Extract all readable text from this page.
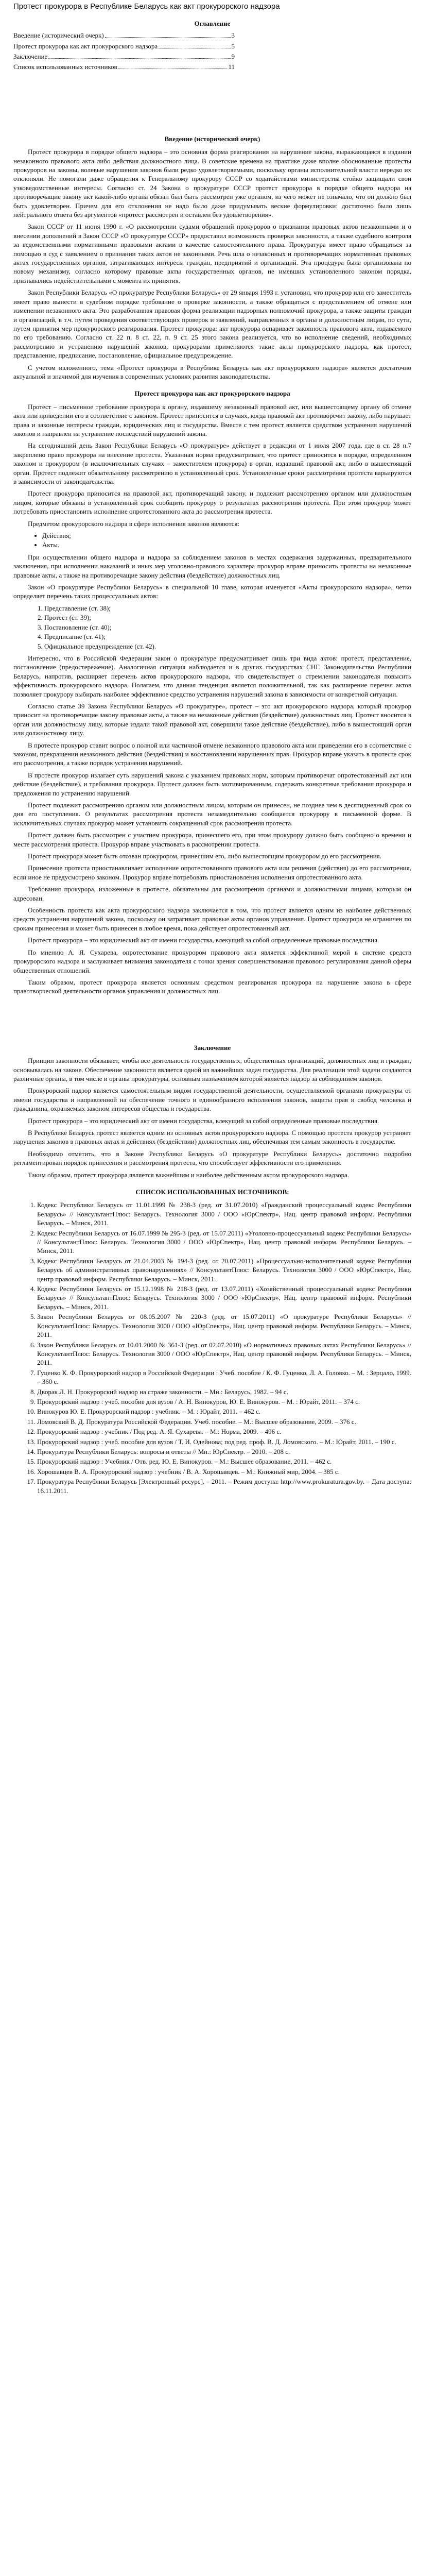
Протест прокурора в Республике Беларусь как акт прокурорского надзора
Оглавление
Введение (исторический очерк)	3
Протест прокурора как акт прокурорского надзора	5
Заключение	9
Список использованных источников	11
Введение (исторический очерк)

Протест прокурора в порядке общего надзора – это основная форма реагирования на нарушение закона, выражающаяся в издании незаконного правового акта либо действия должностного лица. В советские времена на практике даже вполне обоснованные протесты прокуроров на законы, волевые нарушения законов были редко удовлетворяемыми, поскольку органы исполнительной власти нередко их отклоняли. Не помогали даже обращения к Генеральному прокурору СССР со ходатайствами министерства стойко защищали свои узковедомственные интересы. Согласно ст. 24 Закона о прокуратуре СССР протест прокурора в порядке общего надзора на противоречащие закону акт какой-либо органа обязан был быть рассмотрен уже органом, из чего может не означало, что он должно был быть удовлетворен. Причем для его отклонения не надо было даже придумывать веские формулировки: достаточно было лишь нейтрального ответа без аргументов «протест рассмотрен и оставлен без удовлетворения».

Закон СССР от 11 июня 1990 г. «О рассмотрении судами обращений прокуроров о признании правовых актов незаконными и о внесении дополнений в Закон СССР «О прокуратуре СССР» предоставил возможность проверки законности, а также судебного контроля за ведомственными нормативными правовыми актами в качестве самостоятельного права. Прокуратура имеет право обращаться за помощью в суд с заявлением о признании таких актов не законными. Речь шла о незаконных и противоречащих нормативных правовых актах государственных органов, затрагивающих интересы граждан, предприятий и организаций. Эта процедура была организована по новому механизму, согласно которому правовые акты государственных органов, не имевших установленного законом порядка, признавались недействительными с момента их принятия.

Закон Республики Беларусь «О прокуратуре Республики Беларусь» от 29 января 1993 г. установил, что прокурор или его заместитель имеет право вынести в судебном порядке требование о проверке законности, а также обращаться с представлением об отмене или изменении незаконного акта. Это разработанная правовая форма реализации надзорных полномочий прокурора, а также защиты граждан и организаций, в т.ч. путем проведения соответствующих проверок и заявлений, направленных в органы и должностным лицам, по сути, путем принятия мер прокурорского реагирования. Протест прокурора: акт прокурора оспаривает законность правового акта, издаваемого по его требованию. Согласно ст. 22 п. 8 ст. 22, п. 9 ст. 25 этого закона реализуется, что во исполнение сведений, необходимых рассмотрению и устранению нарушений законов, прокурорами применяются такие акты прокурорского надзора, как протест, представление, предписание, постановление, официальное предупреждение.

С учетом изложенного, тема «Протест прокурора в Республике Беларусь как акт прокурорского надзора» является достаточно актуальной и значимой для изучения в современных условиях развития законодательства.

Протест прокурора как акт прокурорского надзора

Протест – письменное требование прокурора к органу, издавшему незаконный правовой акт, или вышестоящему органу об отмене акта или приведении его в соответствие с законом. Протест приносится в случаях, когда правовой акт противоречит закону, либо нарушает права и законные интересы граждан, юридических лиц и государства. Вместе с тем протест является средством устранения нарушений законов и направлен на устранение последствий нарушений закона.

На сегодняшний день Закон Республики Беларусь «О прокуратуре» действует в редакции от 1 июля 2007 года, где в ст. 28 п.7 закреплено право прокурора на внесение протеста. Указанная норма предусматривает, что протест приносится в порядке, определенном законом и прокурором (в исключительных случаях – заместителем прокурора) в орган, издавший правовой акт, либо в вышестоящий орган. Протест подлежит обязательному рассмотрению в установленный срок. Установленные сроки рассмотрения протеста варьируются в зависимости от законодательства.

Протест прокурора приносится на правовой акт, противоречащий закону, и подлежит рассмотрению органом или должностным лицом, которые обязаны в установленный срок сообщить прокурору о результатах рассмотрения протеста. При этом прокурор может потребовать приостановить исполнение опротестованного акта до рассмотрения протеста.

Предметом прокурорского надзора в сфере исполнения законов являются:

• Действия;
• Акты.

При осуществлении общего надзора и надзора за соблюдением законов в местах содержания задержанных, предварительного заключения, при исполнении наказаний и иных мер уголовно-правового характера прокурор вправе приносить протесты на незаконные правовые акты, а также на противоречащие закону действия (бездействие) должностных лиц.

Закон «О прокуратуре Республики Беларусь» в специальной 10 главе, которая именуется «Акты прокурорского надзора», четко определяет перечень таких процессуальных актов:

1. Представление (ст. 38);
2. Протест (ст. 39);
3. Постановление (ст. 40);
4. Предписание (ст. 41);
5. Официальное предупреждение (ст. 42).

Интересно, что в Российской Федерации закон о прокуратуре предусматривает лишь три вида актов: протест, представление, постановление (предостережение). Аналогичная ситуация наблюдается и в других государствах СНГ. Законодательство Республики Беларусь, напротив, расширяет перечень актов прокурорского надзора, что свидетельствует о стремлении законодателя повысить эффективность прокурорского надзора. Полагаем, что данная тенденция является положительной, так как расширение перечня актов позволяет прокурору выбирать наиболее эффективное средство устранения нарушений закона в зависимости от конкретной ситуации.

Согласно статье 39 Закона Республики Беларусь «О прокуратуре», протест – это акт прокурорского надзора, который прокурор приносит на противоречащие закону правовые акты, а также на незаконные действия (бездействие) должностных лиц. Протест вносится в орган или должностному лицу, которые издали такой правовой акт, совершили такое действие (бездействие), либо в вышестоящий орган или должностному лицу.

В протесте прокурор ставит вопрос о полной или частичной отмене незаконного правового акта или приведении его в соответствие с законом, прекращении незаконного действия (бездействия) и восстановлении нарушенных прав. Прокурор вправе указать в протесте срок его рассмотрения, а также порядок устранения нарушений.

В протесте прокурор излагает суть нарушений закона с указанием правовых норм, которым противоречат опротестованный акт или действие (бездействие), и требования прокурора. Протест должен быть мотивированным, содержать конкретные требования прокурора и предложения по устранению нарушений.

Протест подлежит рассмотрению органом или должностным лицом, которым он принесен, не позднее чем в десятидневный срок со дня его поступления. О результатах рассмотрения протеста незамедлительно сообщается прокурору в письменной форме. В исключительных случаях прокурор может установить сокращенный срок рассмотрения протеста.

Протест должен быть рассмотрен с участием прокурора, принесшего его, при этом прокурору должно быть сообщено о времени и месте рассмотрения протеста. Прокурор вправе участвовать в рассмотрении протеста.

Протест прокурора может быть отозван прокурором, принесшим его, либо вышестоящим прокурором до его рассмотрения.

Принесение протеста приостанавливает исполнение опротестованного правового акта или решения (действия) до его рассмотрения, если иное не предусмотрено законом. Прокурор вправе потребовать приостановления исполнения опротестованного акта.

Требования прокурора, изложенные в протесте, обязательны для рассмотрения органами и должностными лицами, которым он адресован.

Особенность протеста как акта прокурорского надзора заключается в том, что протест является одним из наиболее действенных средств устранения нарушений закона, поскольку он затрагивает правовые акты органов управления. Протест прокурора не ограничен по срокам принесения и может быть принесен в любое время, пока действует опротестованный акт.

Протест прокурора – это юридический акт от имени государства, влекущий за собой определенные правовые последствия.

По мнению А. Я. Сухарева, опротестование прокурором правового акта является эффективной мерой в системе средств прокурорского надзора и заслуживает внимания законодателя с точки зрения совершенствования правового регулирования данной сферы общественных отношений.

Таким образом, протест прокурора является основным средством реагирования прокурора на нарушение закона в сфере правотворческой деятельности органов управления и должностных лиц.

Заключение

Принцип законности обязывает, чтобы все деятельность государственных, общественных организаций, должностных лиц и граждан, основывалась на законе. Обеспечение законности является одной из важнейших задач государства. Для реализации этой задачи создаются различные органы, в том числе и органы прокуратуры, основным назначением которой является надзор за соблюдением законов.

Прокурорский надзор является самостоятельным видом государственной деятельности, осуществляемой органами прокуратуры от имени государства и направленной на обеспечение точного и единообразного исполнения законов, защиты прав и свобод человека и гражданина, охраняемых законом интересов общества и государства.

Протест прокурора – это юридический акт от имени государства, влекущий за собой определенные правовые последствия.

В Республике Беларусь протест является одним из основных актов прокурорского надзора. С помощью протеста прокурор устраняет нарушения законов в правовых актах и действиях (бездействии) должностных лиц, обеспечивая тем самым законность в государстве.

Необходимо отметить, что в Законе Республики Беларусь «О прокуратуре Республики Беларусь» достаточно подробно регламентирован порядок принесения и рассмотрения протеста, что способствует эффективности его применения.

Таким образом, протест прокурора является важнейшим и наиболее действенным актом прокурорского надзора.

СПИСОК ИСПОЛЬЗОВАННЫХ ИСТОЧНИКОВ:
1. Кодекс Республики Беларусь от 11.01.1999 № 238-З (ред. от 31.07.2010) «Гражданский процессуальный кодекс Республики Беларусь» // КонсультантПлюс: Беларусь. Технология 3000 / ООО «ЮрСпектр», Нац. центр правовой информ. Республики Беларусь. – Минск, 2011.
2. Кодекс Республики Беларусь от 16.07.1999 № 295-З (ред. от 15.07.2011) «Уголовно-процессуальный кодекс Республики Беларусь» // КонсультантПлюс: Беларусь. Технология 3000 / ООО «ЮрСпектр», Нац. центр правовой информ. Республики Беларусь. – Минск, 2011.
3. Кодекс Республики Беларусь от 21.04.2003 № 194-З (ред. от 20.07.2011) «Процессуально-исполнительный кодекс Республики Беларусь об административных правонарушениях» // КонсультантПлюс: Беларусь. Технология 3000 / ООО «ЮрСпектр», Нац. центр правовой информ. Республики Беларусь. – Минск, 2011.
4. Кодекс Республики Беларусь от 15.12.1998 № 218-З (ред. от 13.07.2011) «Хозяйственный процессуальный кодекс Республики Беларусь» // КонсультантПлюс: Беларусь. Технология 3000 / ООО «ЮрСпектр», Нац. центр правовой информ. Республики Беларусь. – Минск, 2011.
5. Закон Республики Беларусь от 08.05.2007 № 220-З (ред. от 15.07.2011) «О прокуратуре Республики Беларусь» // КонсультантПлюс: Беларусь. Технология 3000 / ООО «ЮрСпектр», Нац. центр правовой информ. Республики Беларусь. – Минск, 2011.
6. Закон Республики Беларусь от 10.01.2000 № 361-З (ред. от 02.07.2010) «О нормативных правовых актах Республики Беларусь» // КонсультантПлюс: Беларусь. Технология 3000 / ООО «ЮрСпектр», Нац. центр правовой информ. Республики Беларусь. – Минск, 2011.
7. Гуценко К. Ф. Прокурорский надзор в Российской Федерации : Учеб. пособие / К. Ф. Гуценко, Л. А. Головко. – М. : Зерцало, 1999. – 360 с.
8. Дворак Л. Н. Прокурорский надзор на страже законности. – Мн.: Беларусь, 1982. – 94 с.
9. Прокурорский надзор : учеб. пособие для вузов / А. Н. Винокуров, Ю. Е. Винокуров. – М. : Юрайт, 2011. – 374 с.
10. Винокуров Ю. Е. Прокурорский надзор : учебник. – М. : Юрайт, 2011. – 462 с.
11. Ломовский В. Д. Прокуратура Российской Федерации. Учеб. пособие. – М.: Высшее образование, 2009. – 376 с.
12. Прокурорский надзор : учебник / Под ред. А. Я. Сухарева. – М.: Норма, 2009. – 496 с.
13. Прокурорский надзор : учеб. пособие для вузов / Т. И. Одейнова; под ред. проф. В. Д. Ломовского. – М.: Юрайт, 2011. – 190 с.
14. Прокуратура Республики Беларусь: вопросы и ответы // Мн.: ЮрСпектр. – 2010. – 208 с.
15. Прокурорский надзор : Учебник / Отв. ред. Ю. Е. Винокуров. – М.: Высшее образование, 2011. – 462 с.
16. Хорошавцев В. А. Прокурорский надзор : учебник / В. А. Хорошавцев. – М.: Книжный мир, 2004. – 385 с.
17. Прокуратура Республики Беларусь [Электронный ресурс]. – 2011. – Режим доступа: http://www.prokuratura.gov.by. – Дата доступа: 16.11.2011.
